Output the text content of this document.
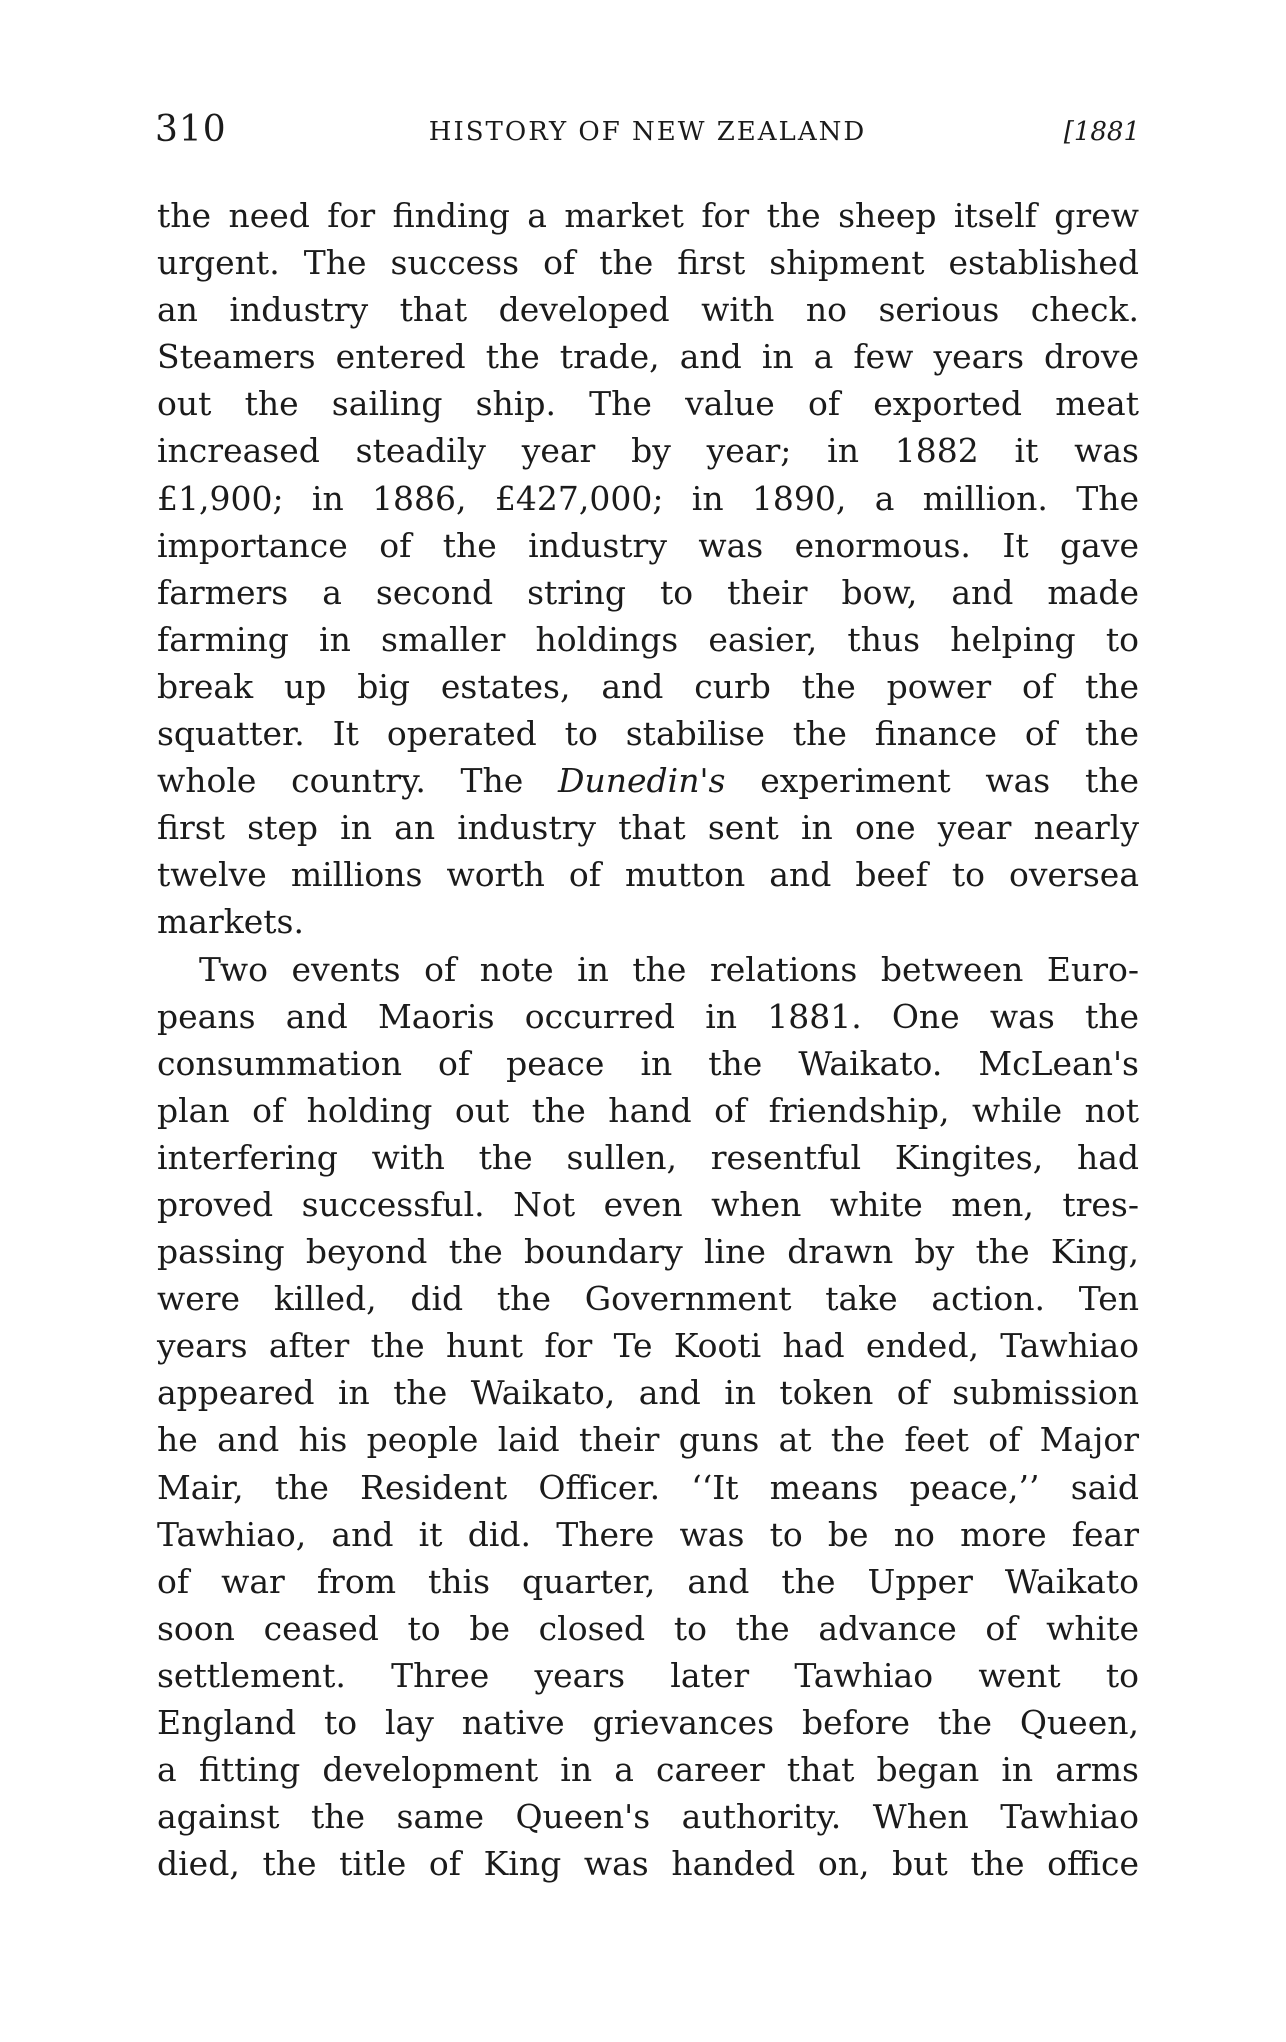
310	HISTORY OF NEW ZEALAND	[1881
the need for finding a market for the sheep itself grew
urgent. The success of the first shipment established
an industry that developed with no serious check.
Steamers entered the trade, and in a few years drove
out the sailing ship. The value of exported meat
increased steadily year by year; in 1882 it was
£1,900; in 1886, £427,000; in 1890, a million. The
importance of the industry was enormous. It gave
farmers a second string to their bow, and made
farming in smaller holdings easier, thus helping to
break up big estates, and curb the power of the
squatter. It operated to stabilise the finance of the
whole country. The Dunedin's experiment was the
first step in an industry that sent in one year nearly
twelve millions worth of mutton and beef to oversea
markets.
Two events of note in the relations between Euro-
peans and Maoris occurred in 1881. One was the
consummation of peace in the Waikato. McLean's
plan of holding out the hand of friendship, while not
interfering with the sullen, resentful Kingites, had
proved successful. Not even when white men, tres-
passing beyond the boundary line drawn by the King,
were killed, did the Government take action. Ten
years after the hunt for Te Kooti had ended, Tawhiao
appeared in the Waikato, and in token of submission
he and his people laid their guns at the feet of Major
Mair, the Resident Officer. ‘‘It means peace,’’ said
Tawhiao, and it did. There was to be no more fear
of war from this quarter, and the Upper Waikato
soon ceased to be closed to the advance of white
settlement. Three years later Tawhiao went to
England to lay native grievances before the Queen,
a fitting development in a career that began in arms
against the same Queen's authority. When Tawhiao
died, the title of King was handed on, but the office
